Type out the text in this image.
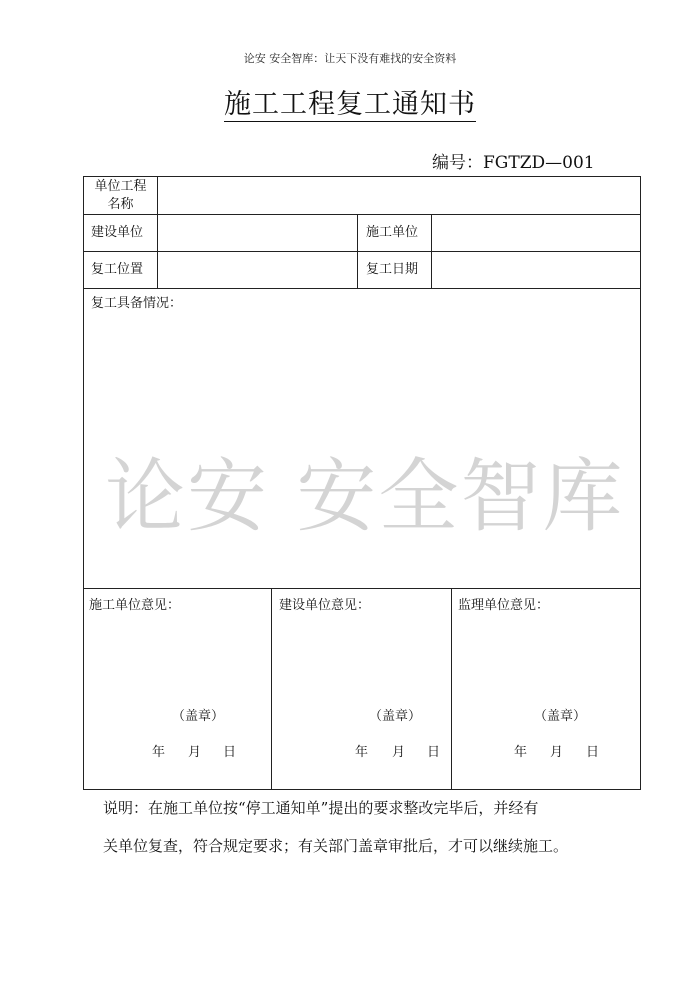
论安 安全智库：让天下没有难找的安全资料
施工工程复工通知书
编号：FGTZD—001
单位工程
名称
建设单位	施工单位
复工位置	复工日期
复工具备情况：
施工单位意见：
（盖章）
年 月 日
建设单位意见：
（盖章）
年 月 日
监理单位意见：
（盖章）
年 月 日
论安 安全智库
说明：在施工单位按“停工通知单”提出的要求整改完毕后，并经有
关单位复查，符合规定要求；有关部门盖章审批后，才可以继续施工。
